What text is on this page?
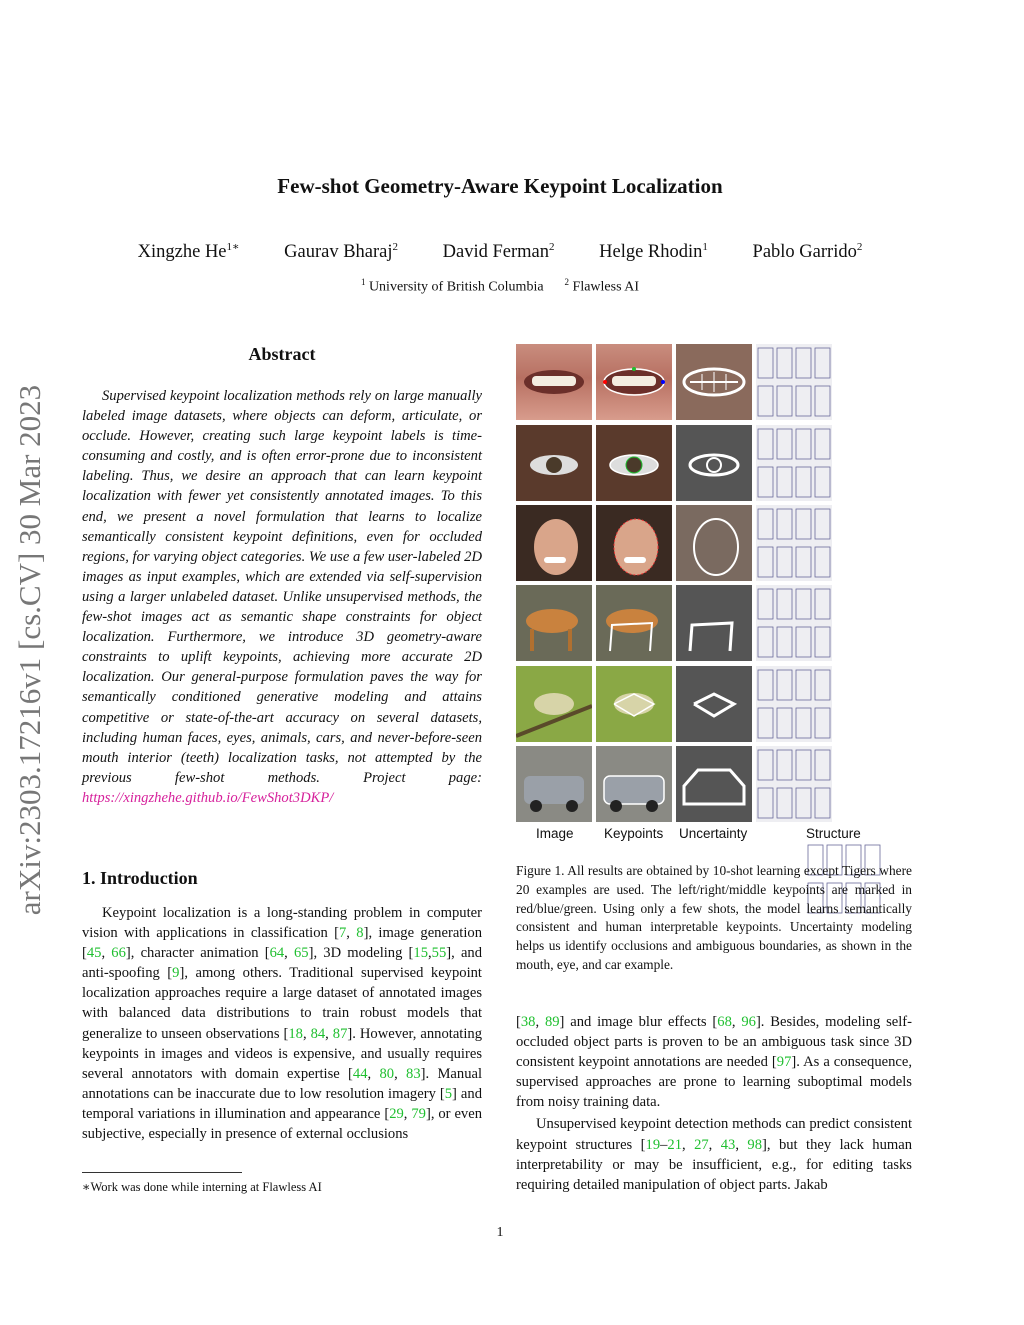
Few-shot Geometry-Aware Keypoint Localization
Xingzhe $He^{1∗}$ Gaurav Bharaj$^2$ David Ferman$^2$ Helge Rhodin$^1$ Pablo Garrido$^2$
$^1$ University of British Columbia $^2$ Flawless AI
arXiv:2303.17216v1 [cs.CV] 30 Mar 2023
Abstract
Supervised keypoint localization methods rely on large manually labeled image datasets, where objects can deform, articulate, or occlude. However, creating such large keypoint labels is time-consuming and costly, and is often error-prone due to inconsistent labeling. Thus, we desire an approach that can learn keypoint localization with fewer yet consistently annotated images. To this end, we present a novel formulation that learns to localize semantically consistent keypoint definitions, even for occluded regions, for varying object categories. We use a few user-labeled 2D images as input examples, which are extended via self-supervision using a larger unlabeled dataset. Unlike unsupervised methods, the few-shot images act as semantic shape constraints for object localization. Furthermore, we introduce 3D geometry-aware constraints to uplift keypoints, achieving more accurate 2D localization. Our general-purpose formulation paves the way for semantically conditioned generative modeling and attains competitive or state-of-the-art accuracy on several datasets, including human faces, eyes, animals, cars, and never-before-seen mouth interior (teeth) localization tasks, not attempted by the previous few-shot methods.	Project page: https://xingzhehe.github.io/FewShot3DKP/
1. Introduction
Keypoint localization is a long-standing problem in computer vision with applications in classification [7, 8], image generation [45, 66], character animation [64, 65], 3D modeling [15,55], and anti-spoofing [9], among others. Traditional supervised keypoint localization approaches require a large dataset of annotated images with balanced data distributions to train robust models that generalize to unseen observations [18, 84, 87]. However, annotating keypoints in images and videos is expensive, and usually requires several annotators with domain expertise [44, 80, 83]. Manual annotations can be inaccurate due to low resolution imagery [5] and temporal variations in illumination and appearance [29, 79], or even subjective, especially in presence of external occlusions
∗Work was done while interning at Flawless AI
Image Keypoints Uncertainty	Structure
Figure 1. All results are obtained by 10-shot learning except Tigers where 20 examples are used. The left/right/middle keypoints are marked in red/blue/green. Using only a few shots, the model learns semantically consistent and human interpretable keypoints. Uncertainty modeling helps us identify occlusions and ambiguous boundaries, as shown in the mouth, eye, and car example.

[38, 89] and image blur effects [68, 96]. Besides, modeling self-occluded object parts is proven to be an ambiguous task since 3D consistent keypoint annotations are needed [97]. As a consequence, supervised approaches are prone to learning suboptimal models from noisy training data.

Unsupervised keypoint detection methods can predict consistent keypoint structures [19–21, 27, 43, 98], but they lack human interpretability or may be insufficient, e.g., for editing tasks requiring detailed manipulation of object parts. Jakab

1
